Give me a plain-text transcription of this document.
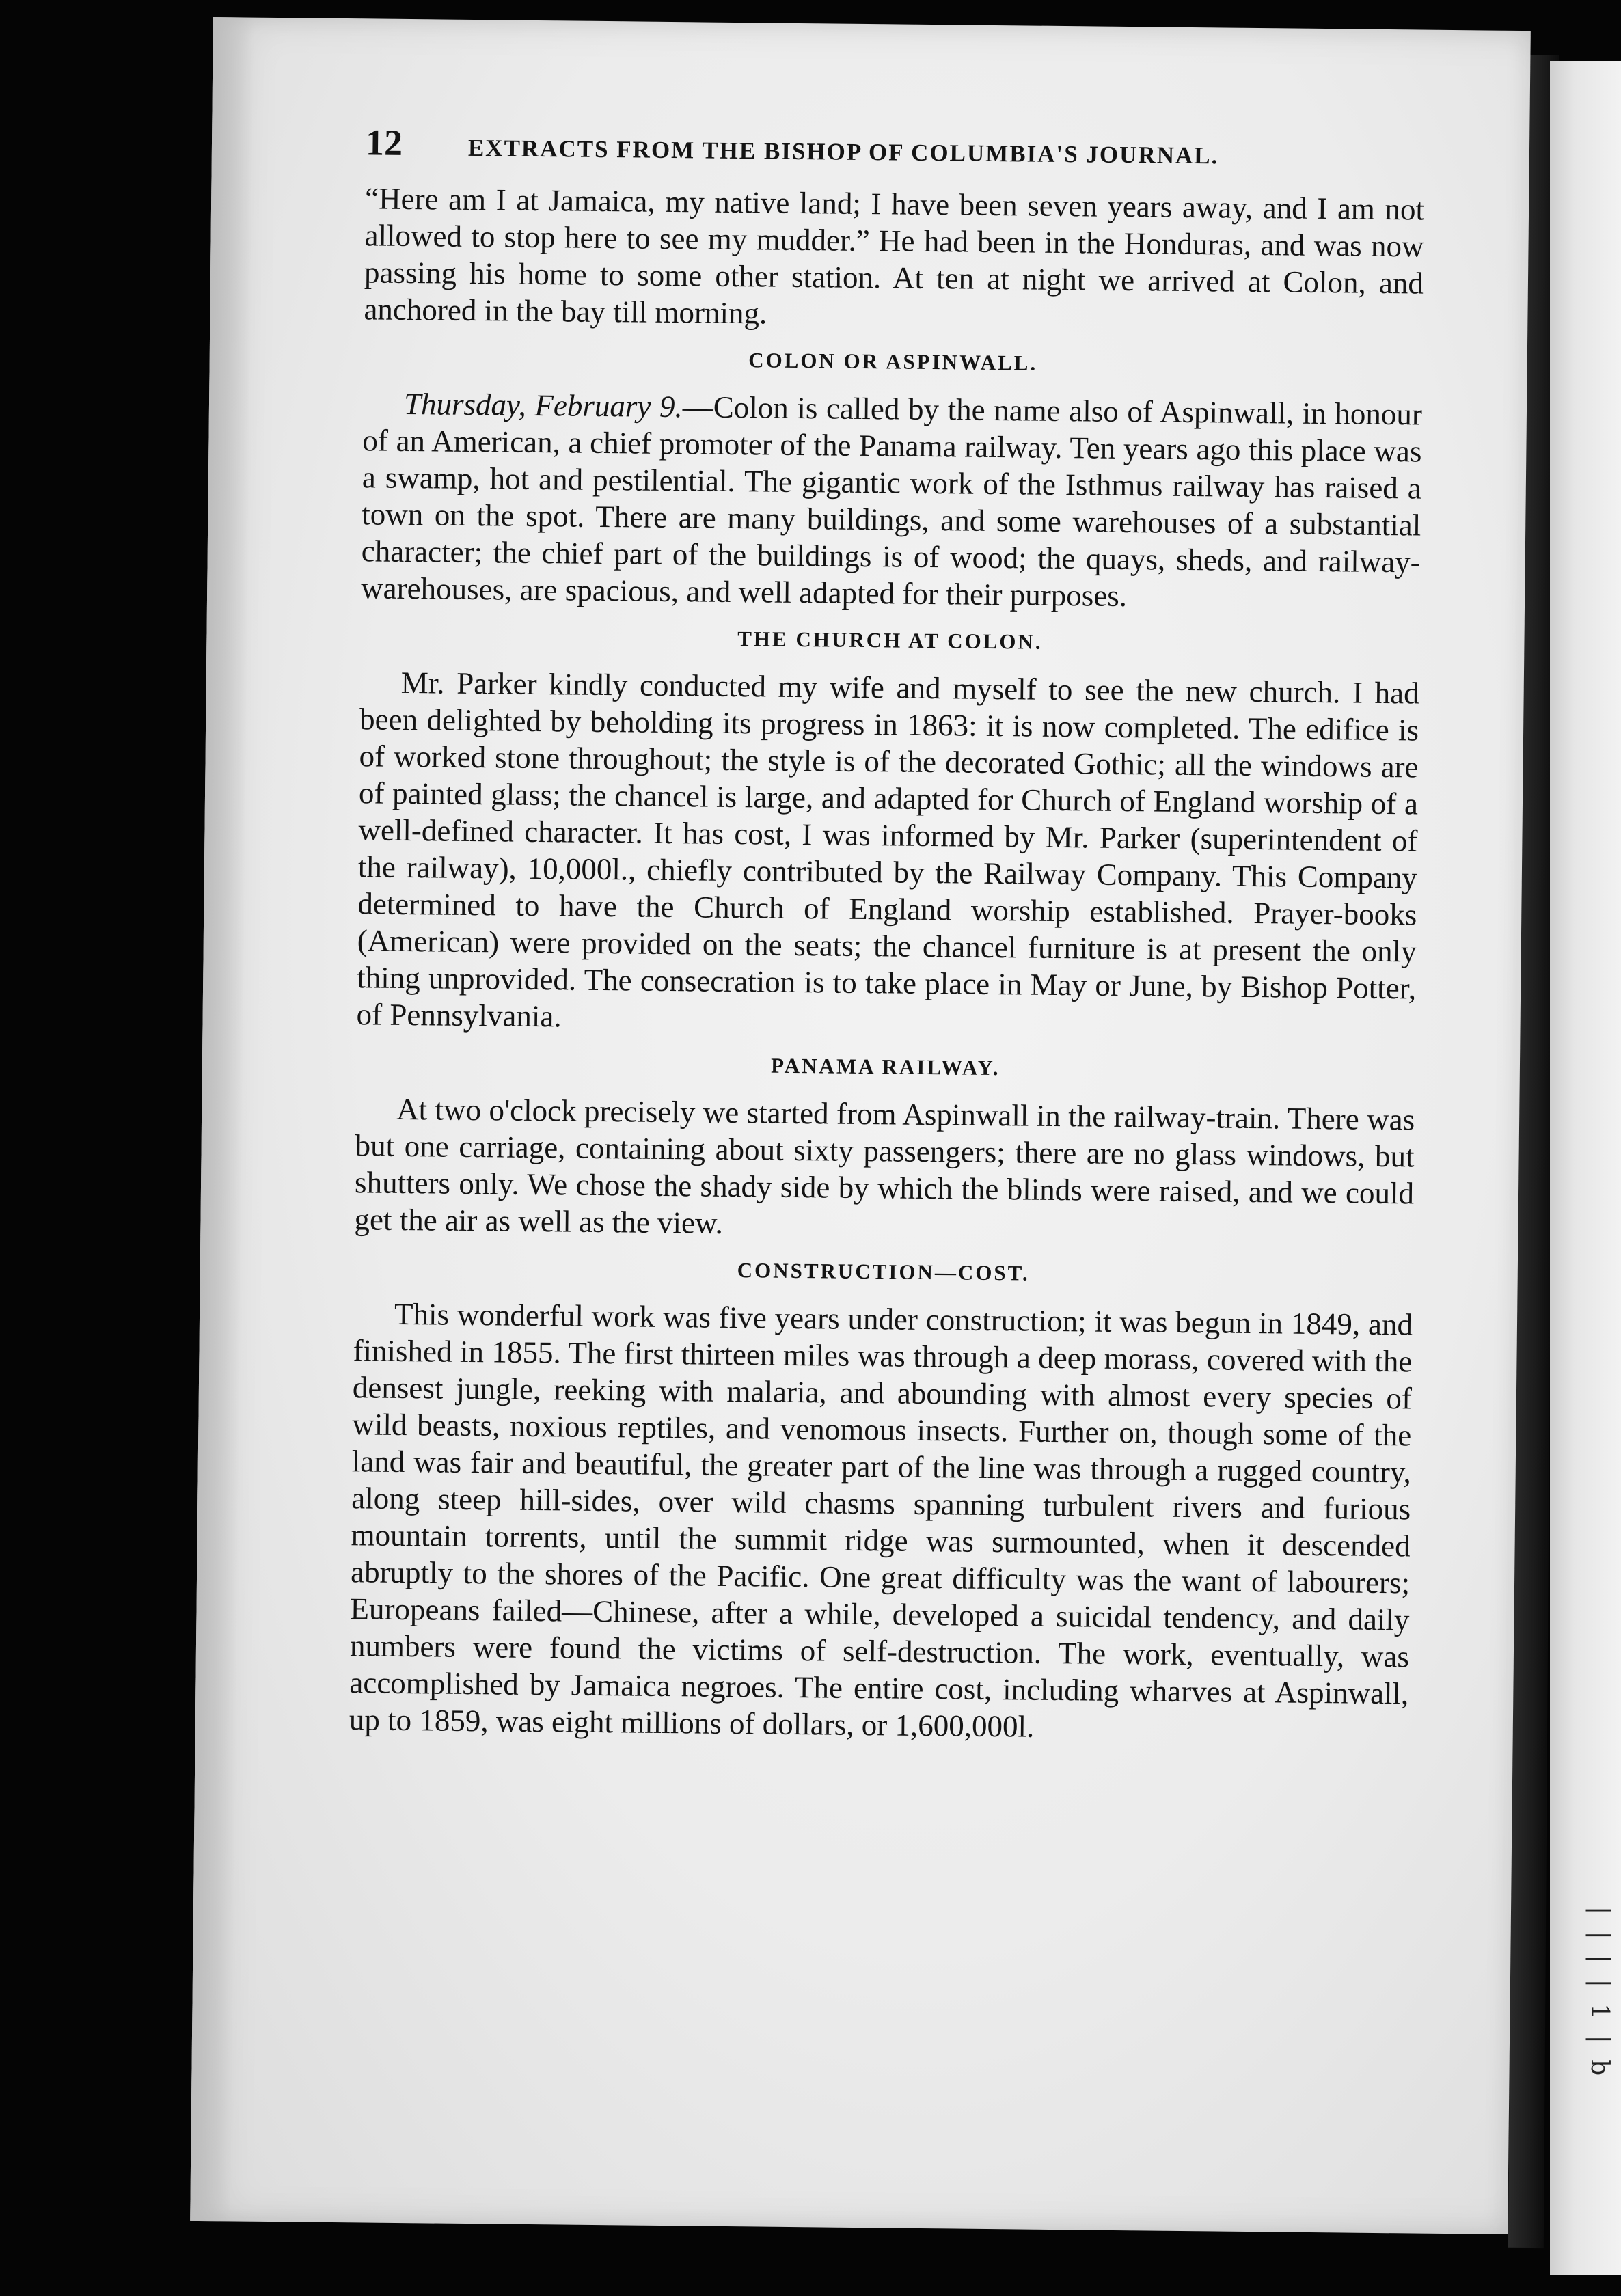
| | | | 1 | b
12	EXTRACTS FROM THE BISHOP OF COLUMBIA'S JOURNAL.

“Here am I at Jamaica, my native land; I have been seven years away, and I am not allowed to stop here to see my mudder.” He had been in the Honduras, and was now passing his home to some other station. At ten at night we arrived at Colon, and anchored in the bay till morning.

COLON OR ASPINWALL.

Thursday, February 9.—Colon is called by the name also of Aspinwall, in honour of an American, a chief promoter of the Panama railway. Ten years ago this place was a swamp, hot and pestilential. The gigantic work of the Isthmus railway has raised a town on the spot. There are many buildings, and some warehouses of a substantial character; the chief part of the buildings is of wood; the quays, sheds, and railway-warehouses, are spacious, and well adapted for their purposes.

THE CHURCH AT COLON.

Mr. Parker kindly conducted my wife and myself to see the new church. I had been delighted by beholding its progress in 1863: it is now completed. The edifice is of worked stone throughout; the style is of the decorated Gothic; all the windows are of painted glass; the chancel is large, and adapted for Church of England worship of a well-defined character. It has cost, I was informed by Mr. Parker (superintendent of the railway), 10,000l., chiefly contributed by the Railway Company. This Company determined to have the Church of England worship established. Prayer-books (American) were provided on the seats; the chancel furniture is at present the only thing unprovided. The consecration is to take place in May or June, by Bishop Potter, of Pennsylvania.

PANAMA RAILWAY.

At two o'clock precisely we started from Aspinwall in the railway-train. There was but one carriage, containing about sixty passengers; there are no glass windows, but shutters only. We chose the shady side by which the blinds were raised, and we could get the air as well as the view.

CONSTRUCTION—COST.

This wonderful work was five years under construction; it was begun in 1849, and finished in 1855. The first thirteen miles was through a deep morass, covered with the densest jungle, reeking with malaria, and abounding with almost every species of wild beasts, noxious reptiles, and venomous insects. Further on, though some of the land was fair and beautiful, the greater part of the line was through a rugged country, along steep hill-sides, over wild chasms spanning turbulent rivers and furious mountain torrents, until the summit ridge was surmounted, when it descended abruptly to the shores of the Pacific. One great difficulty was the want of labourers; Europeans failed—Chinese, after a while, developed a suicidal tendency, and daily numbers were found the victims of self-destruction. The work, eventually, was accomplished by Jamaica negroes. The entire cost, including wharves at Aspinwall, up to 1859, was eight millions of dollars, or 1,600,000l.
